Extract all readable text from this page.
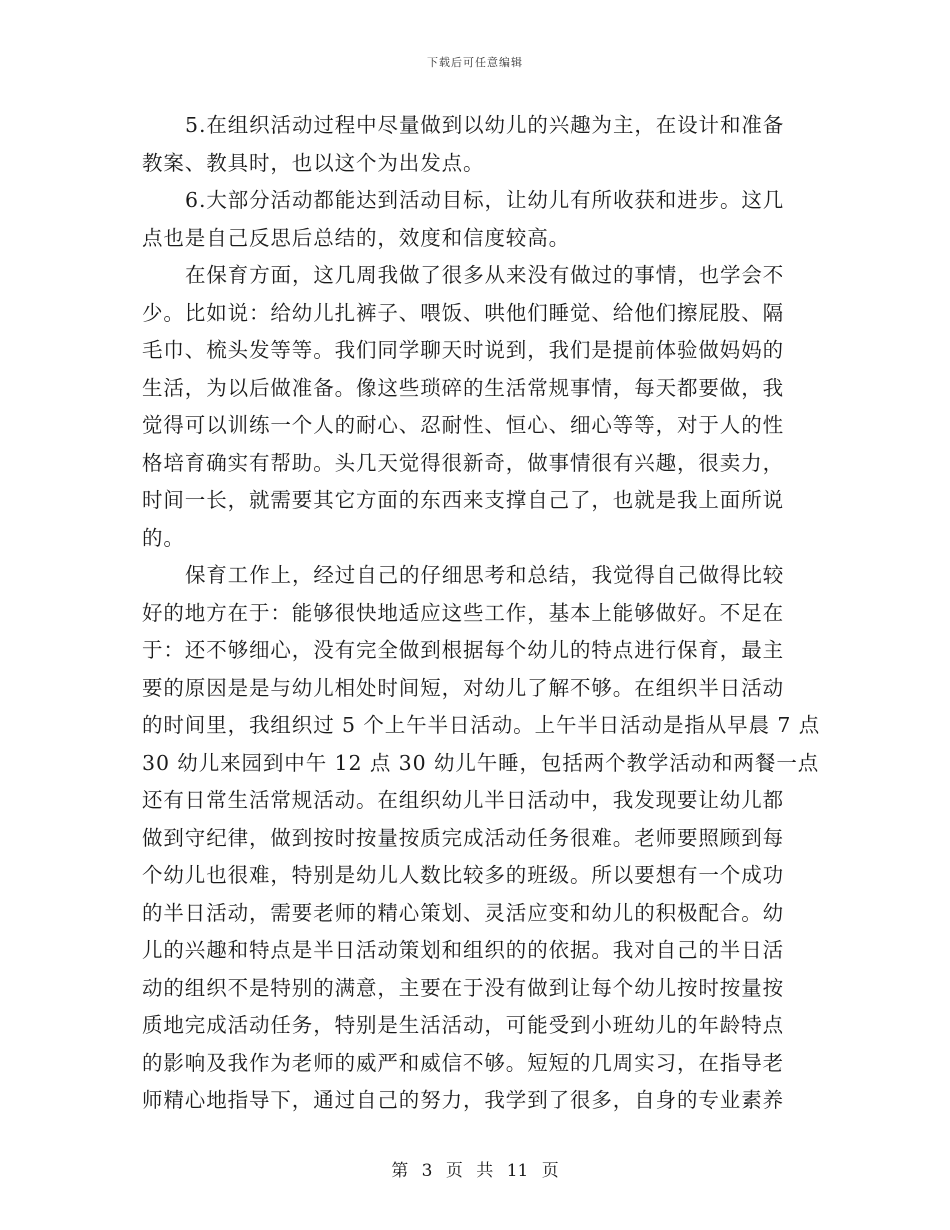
下载后可任意编辑
5.在组织活动过程中尽量做到以幼儿的兴趣为主，在设计和准备
教案、教具时，也以这个为出发点。
6.大部分活动都能达到活动目标，让幼儿有所收获和进步。这几
点也是自己反思后总结的，效度和信度较高。
在保育方面，这几周我做了很多从来没有做过的事情，也学会不
少。比如说：给幼儿扎裤子、喂饭、哄他们睡觉、给他们擦屁股、隔
毛巾、梳头发等等。我们同学聊天时说到，我们是提前体验做妈妈的
生活，为以后做准备。像这些琐碎的生活常规事情，每天都要做，我
觉得可以训练一个人的耐心、忍耐性、恒心、细心等等，对于人的性
格培育确实有帮助。头几天觉得很新奇，做事情很有兴趣，很卖力，
时间一长，就需要其它方面的东西来支撑自己了，也就是我上面所说
的。
保育工作上，经过自己的仔细思考和总结，我觉得自己做得比较
好的地方在于：能够很快地适应这些工作，基本上能够做好。不足在
于：还不够细心，没有完全做到根据每个幼儿的特点进行保育，最主
要的原因是是与幼儿相处时间短，对幼儿了解不够。在组织半日活动
的时间里，我组织过 5 个上午半日活动。上午半日活动是指从早晨 7 点
30 幼儿来园到中午 12 点 30 幼儿午睡，包括两个教学活动和两餐一点
还有日常生活常规活动。在组织幼儿半日活动中，我发现要让幼儿都
做到守纪律，做到按时按量按质完成活动任务很难。老师要照顾到每
个幼儿也很难，特别是幼儿人数比较多的班级。所以要想有一个成功
的半日活动，需要老师的精心策划、灵活应变和幼儿的积极配合。幼
儿的兴趣和特点是半日活动策划和组织的的依据。我对自己的半日活
动的组织不是特别的满意，主要在于没有做到让每个幼儿按时按量按
质地完成活动任务，特别是生活活动，可能受到小班幼儿的年龄特点
的影响及我作为老师的威严和威信不够。短短的几周实习，在指导老
师精心地指导下，通过自己的努力，我学到了很多，自身的专业素养
第 3 页 共 11 页
